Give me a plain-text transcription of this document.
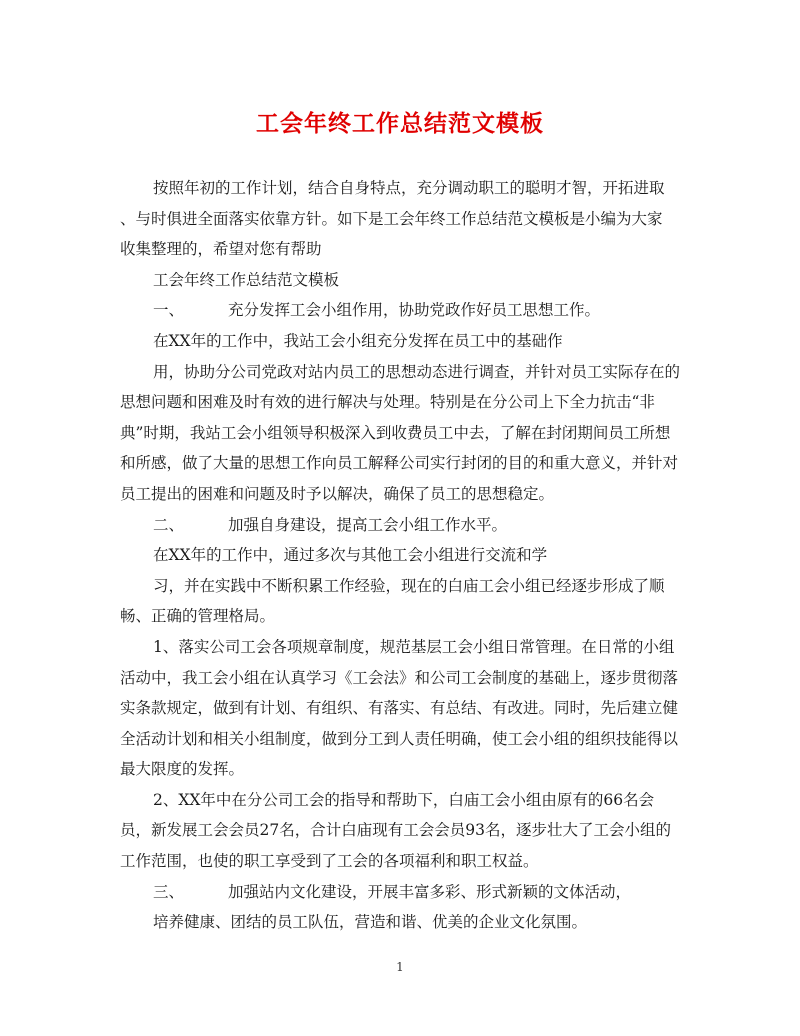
工会年终工作总结范文模板

按照年初的工作计划，结合自身特点，充分调动职工的聪明才智，开拓进取

、与时俱进全面落实依靠方针。如下是工会年终工作总结范文模板是小编为大家

收集整理的，希望对您有帮助

工会年终工作总结范文模板

一、	充分发挥工会小组作用，协助党政作好员工思想工作。

在XX年的工作中，我站工会小组充分发挥在员工中的基础作

用，协助分公司党政对站内员工的思想动态进行调查，并针对员工实际存在的思想问题和困难及时有效的进行解决与处理。特别是在分公司上下全力抗击“非典”时期，我站工会小组领导积极深入到收费员工中去，了解在封闭期间员工所想和所感，做了大量的思想工作向员工解释公司实行封闭的目的和重大意义，并针对员工提出的困难和问题及时予以解决，确保了员工的思想稳定。

二、	加强自身建设，提高工会小组工作水平。

在XX年的工作中，通过多次与其他工会小组进行交流和学

习，并在实践中不断积累工作经验，现在的白庙工会小组已经逐步形成了顺畅、正确的管理格局。

1、落实公司工会各项规章制度，规范基层工会小组日常管理。在日常的小组活动中，我工会小组在认真学习《工会法》和公司工会制度的基础上，逐步贯彻落实条款规定，做到有计划、有组织、有落实、有总结、有改进。同时，先后建立健全活动计划和相关小组制度，做到分工到人责任明确，使工会小组的组织技能得以最大限度的发挥。

2、XX年中在分公司工会的指导和帮助下，白庙工会小组由原有的66名会员，新发展工会会员27名，合计白庙现有工会会员93名，逐步壮大了工会小组的工作范围，也使的职工享受到了工会的各项福利和职工权益。

三、	加强站内文化建设，开展丰富多彩、形式新颖的文体活动，

培养健康、团结的员工队伍，营造和谐、优美的企业文化氛围。

1
